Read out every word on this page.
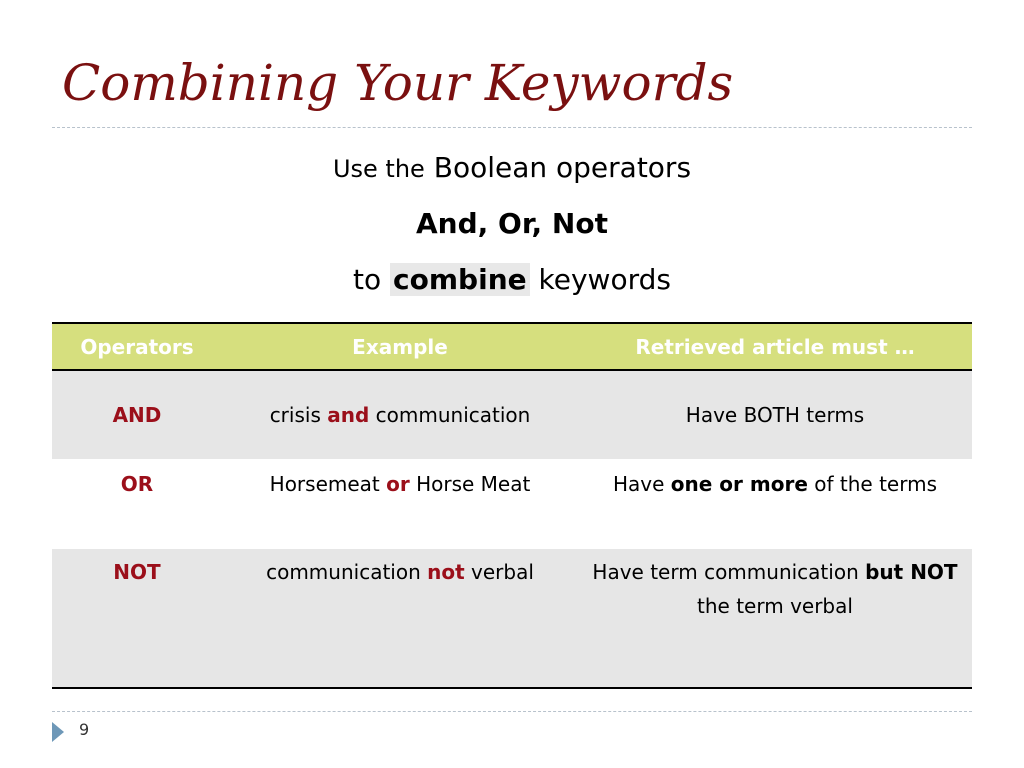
Combining Your Keywords
Use the Boolean operators
And, Or, Not
to combine keywords
Operators	Example	Retrieved article must …
AND	crisis and communication	Have BOTH terms
OR	Horsemeat or Horse Meat	Have one or more of the terms
NOT	communication not verbal	Have term communication but NOT
the term verbal
9
